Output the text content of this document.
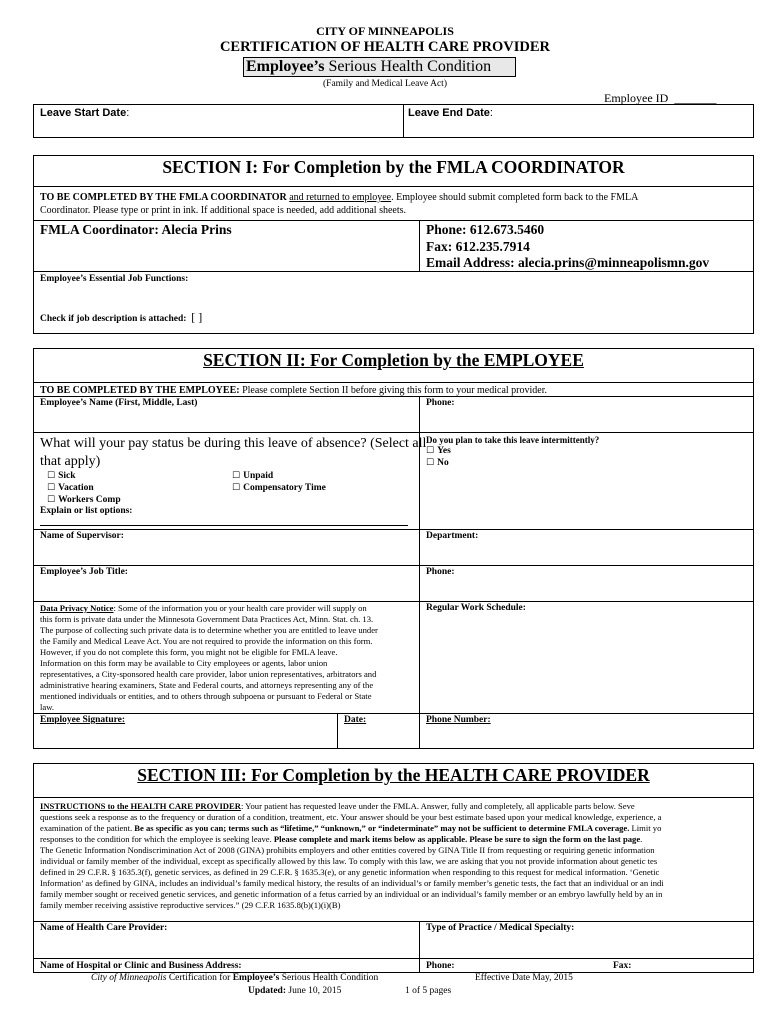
CITY OF MINNEAPOLIS
CERTIFICATION OF HEALTH CARE PROVIDER
Employee’s Serious Health Condition
(Family and Medical Leave Act)
Employee ID _______
Leave Start Date:	Leave End Date:
SECTION I: For Completion by the FMLA COORDINATOR
TO BE COMPLETED BY THE FMLA COORDINATOR and returned to employee. Employee should submit completed form back to the FMLA
Coordinator. Please type or print in ink. If additional space is needed, add additional sheets.
FMLA Coordinator: Alecia Prins	Phone: 612.673.5460
Fax: 612.235.7914
Email Address: alecia.prins@minneapolismn.gov
Employee’s Essential Job Functions:
Check if job description is attached: [ ]
SECTION II: For Completion by the EMPLOYEE
TO BE COMPLETED BY THE EMPLOYEE: Please complete Section II before giving this form to your medical provider.
Employee’s Name (First, Middle, Last)	Phone:
What will your pay status be during this leave of absence? (Select all
that apply)
Do you plan to take this leave intermittently?
☐ Yes
☐ No
☐ Sick
☐ Vacation
☐ Workers Comp
☐ Unpaid
☐ Compensatory Time
Explain or list options:
Name of Supervisor:	Department:
Employee’s Job Title:	Phone:
Data Privacy Notice: Some of the information you or your health care provider will supply on
this form is private data under the Minnesota Government Data Practices Act, Minn. Stat. ch. 13.
The purpose of collecting such private data is to determine whether you are entitled to leave under
the Family and Medical Leave Act. You are not required to provide the information on this form.
However, if you do not complete this form, you might not be eligible for FMLA leave.
Information on this form may be available to City employees or agents, labor union
representatives, a City-sponsored health care provider, labor union representatives, arbitrators and
administrative hearing examiners, State and Federal courts, and attorneys representing any of the
mentioned individuals or entities, and to others through subpoena or pursuant to Federal or State
law.
Regular Work Schedule:
Employee Signature:	Date:	Phone Number:
SECTION III: For Completion by the HEALTH CARE PROVIDER
INSTRUCTIONS to the HEALTH CARE PROVIDER: Your patient has requested leave under the FMLA. Answer, fully and completely, all applicable parts below. Seve
questions seek a response as to the frequency or duration of a condition, treatment, etc. Your answer should be your best estimate based upon your medical knowledge, experience, a
examination of the patient. Be as specific as you can; terms such as “lifetime,” “unknown,” or “indeterminate” may not be sufficient to determine FMLA coverage. Limit yo
responses to the condition for which the employee is seeking leave. Please complete and mark items below as applicable. Please be sure to sign the form on the last page.
The Genetic Information Nondiscrimination Act of 2008 (GINA) prohibits employers and other entities covered by GINA Title II from requesting or requiring genetic information
individual or family member of the individual, except as specifically allowed by this law. To comply with this law, we are asking that you not provide information about genetic tes
defined in 29 C.F.R. § 1635.3(f), genetic services, as defined in 29 C.F.R. § 1635.3(e), or any genetic information when responding to this request for medical information. ‘Genetic
Information’ as defined by GINA, includes an individual’s family medical history, the results of an individual’s or family member’s genetic tests, the fact that an individual or an indi
family member sought or received genetic services, and genetic information of a fetus carried by an individual or an individual’s family member or an embryo lawfully held by an in
family member receiving assistive reproductive services.” (29 C.F.R 1635.8(b)(1)(i)(B)
Name of Health Care Provider:	Type of Practice / Medical Specialty:
Name of Hospital or Clinic and Business Address:	Phone:	Fax:
City of Minneapolis Certification for Employee’s Serious Health Condition	Effective Date May, 2015
Updated: June 10, 2015	1 of 5 pages
